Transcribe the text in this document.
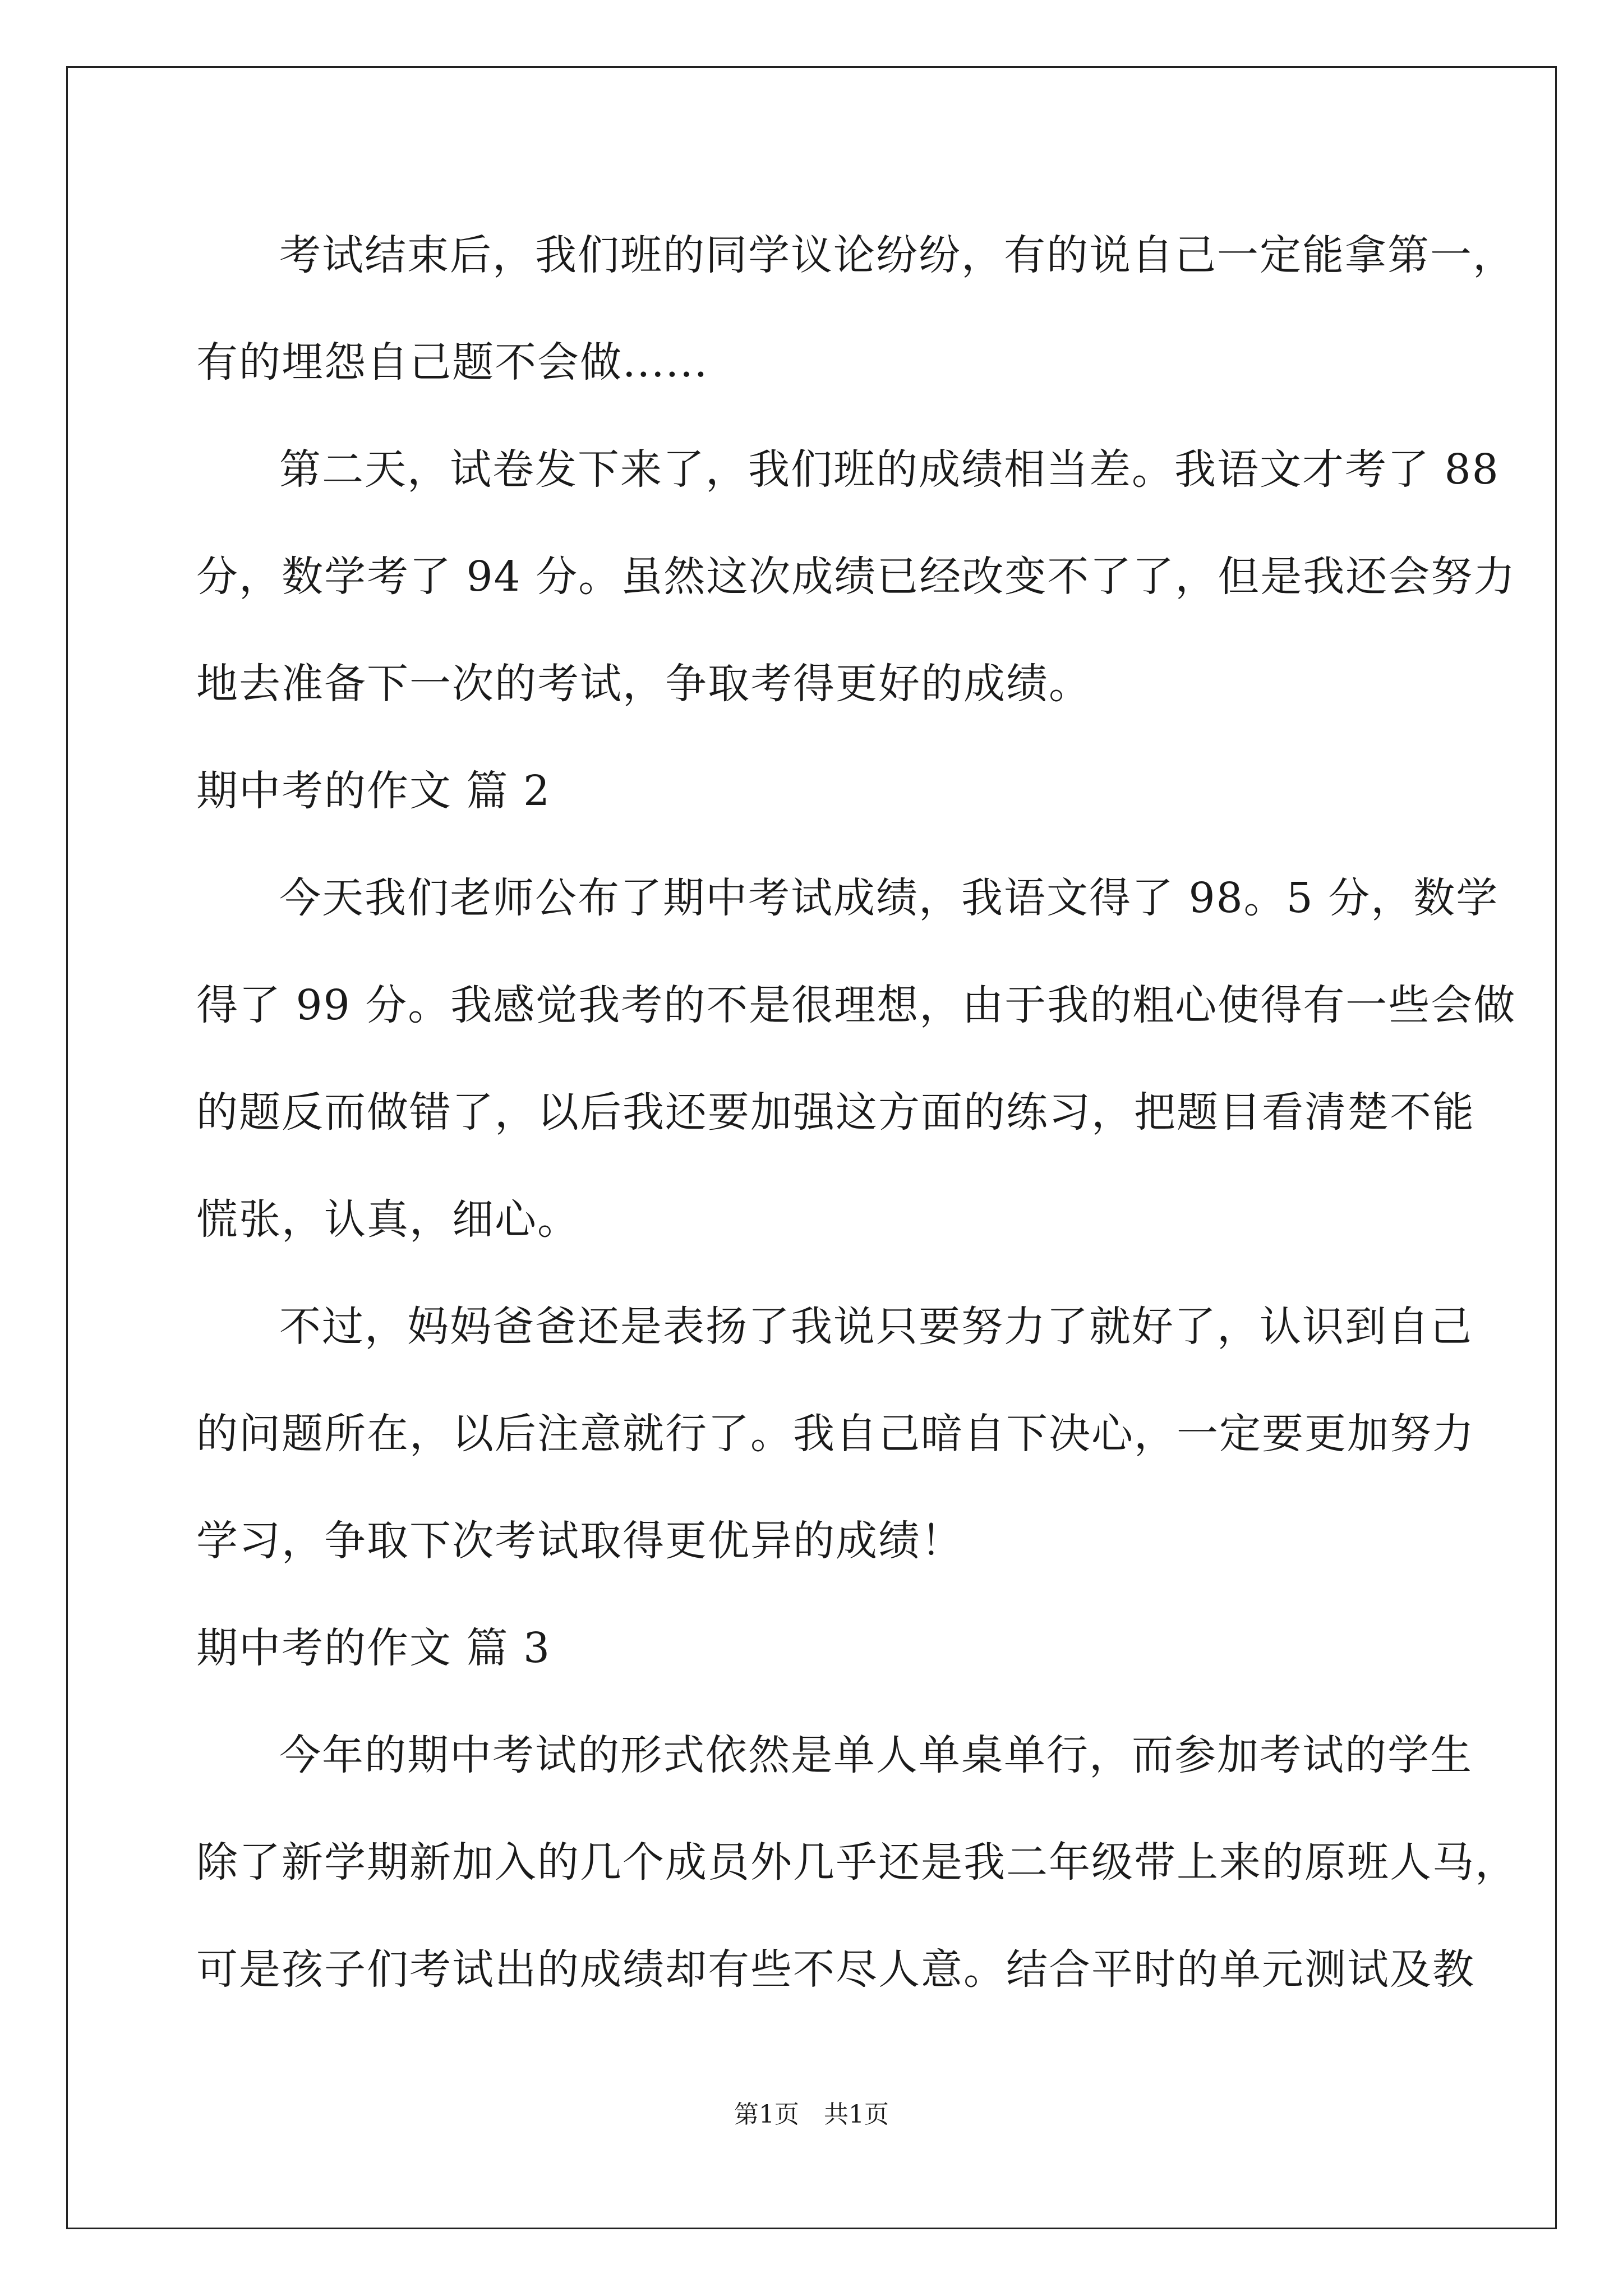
考试结束后，我们班的同学议论纷纷，有的说自己一定能拿第一，
有的埋怨自己题不会做......
第二天，试卷发下来了，我们班的成绩相当差。我语文才考了 88
分，数学考了 94 分。虽然这次成绩已经改变不了了，但是我还会努力
地去准备下一次的考试，争取考得更好的成绩。
期中考的作文 篇 2
今天我们老师公布了期中考试成绩，我语文得了 98。5 分，数学
得了 99 分。我感觉我考的不是很理想，由于我的粗心使得有一些会做
的题反而做错了，以后我还要加强这方面的练习，把题目看清楚不能
慌张，认真，细心。
不过，妈妈爸爸还是表扬了我说只要努力了就好了，认识到自己
的问题所在，以后注意就行了。我自己暗自下决心，一定要更加努力
学习，争取下次考试取得更优异的成绩！
期中考的作文 篇 3
今年的期中考试的形式依然是单人单桌单行，而参加考试的学生
除了新学期新加入的几个成员外几乎还是我二年级带上来的原班人马，
可是孩子们考试出的成绩却有些不尽人意。结合平时的单元测试及教
第1页 共1页
